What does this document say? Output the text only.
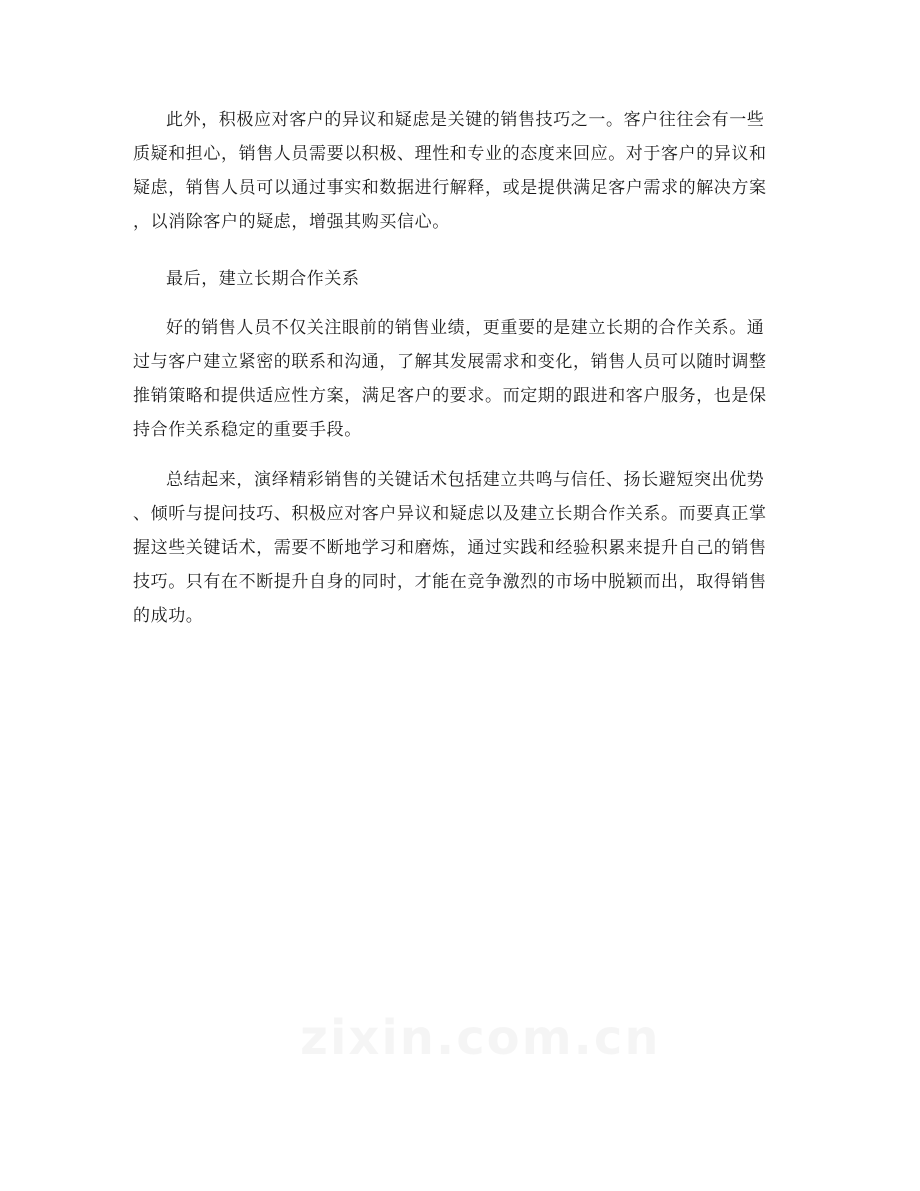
此外，积极应对客户的异议和疑虑是关键的销售技巧之一。客户往往会有一些
质疑和担心，销售人员需要以积极、理性和专业的态度来回应。对于客户的异议和
疑虑，销售人员可以通过事实和数据进行解释，或是提供满足客户需求的解决方案
，以消除客户的疑虑，增强其购买信心。
最后，建立长期合作关系
好的销售人员不仅关注眼前的销售业绩，更重要的是建立长期的合作关系。通
过与客户建立紧密的联系和沟通，了解其发展需求和变化，销售人员可以随时调整
推销策略和提供适应性方案，满足客户的要求。而定期的跟进和客户服务，也是保
持合作关系稳定的重要手段。
总结起来，演绎精彩销售的关键话术包括建立共鸣与信任、扬长避短突出优势
、倾听与提问技巧、积极应对客户异议和疑虑以及建立长期合作关系。而要真正掌
握这些关键话术，需要不断地学习和磨炼，通过实践和经验积累来提升自己的销售
技巧。只有在不断提升自身的同时，才能在竞争激烈的市场中脱颖而出，取得销售
的成功。
